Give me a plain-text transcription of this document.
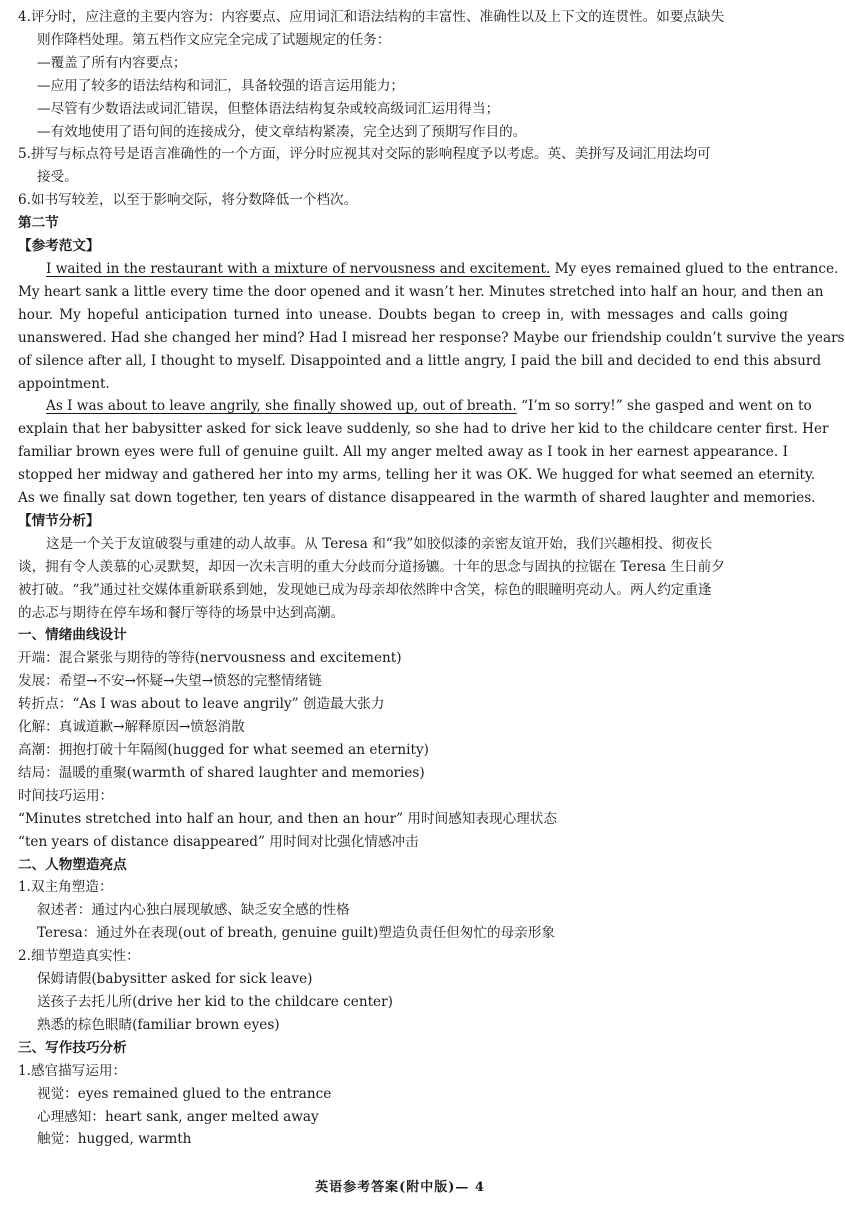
4.评分时，应注意的主要内容为：内容要点、应用词汇和语法结构的丰富性、准确性以及上下文的连贯性。如要点缺失
则作降档处理。第五档作文应完全完成了试题规定的任务：
—覆盖了所有内容要点；
—应用了较多的语法结构和词汇，具备较强的语言运用能力；
—尽管有少数语法或词汇错误，但整体语法结构复杂或较高级词汇运用得当；
—有效地使用了语句间的连接成分，使文章结构紧凑，完全达到了预期写作目的。
5.拼写与标点符号是语言准确性的一个方面，评分时应视其对交际的影响程度予以考虑。英、美拼写及词汇用法均可
接受。
6.如书写较差，以至于影响交际，将分数降低一个档次。
第二节
【参考范文】
I waited in the restaurant with a mixture of nervousness and excitement. My eyes remained glued to the entrance.
My heart sank a little every time the door opened and it wasn’t her. Minutes stretched into half an hour, and then an
hour. My hopeful anticipation turned into unease. Doubts began to creep in, with messages and calls going
unanswered. Had she changed her mind? Had I misread her response? Maybe our friendship couldn’t survive the years
of silence after all, I thought to myself. Disappointed and a little angry, I paid the bill and decided to end this absurd
appointment.
As I was about to leave angrily, she finally showed up, out of breath. “I’m so sorry!” she gasped and went on to
explain that her babysitter asked for sick leave suddenly, so she had to drive her kid to the childcare center first. Her
familiar brown eyes were full of genuine guilt. All my anger melted away as I took in her earnest appearance. I
stopped her midway and gathered her into my arms, telling her it was OK. We hugged for what seemed an eternity.
As we finally sat down together, ten years of distance disappeared in the warmth of shared laughter and memories.
【情节分析】
这是一个关于友谊破裂与重建的动人故事。从 Teresa 和“我”如胶似漆的亲密友谊开始，我们兴趣相投、彻夜长
谈，拥有令人羡慕的心灵默契，却因一次未言明的重大分歧而分道扬镳。十年的思念与固执的拉锯在 Teresa 生日前夕
被打破。“我”通过社交媒体重新联系到她，发现她已成为母亲却依然眸中含笑，棕色的眼瞳明亮动人。两人约定重逢
的忐忑与期待在停车场和餐厅等待的场景中达到高潮。
一、情绪曲线设计
开端：混合紧张与期待的等待(nervousness and excitement)
发展：希望→不安→怀疑→失望→愤怒的完整情绪链
转折点：“As I was about to leave angrily” 创造最大张力
化解：真诚道歉→解释原因→愤怒消散
高潮：拥抱打破十年隔阂(hugged for what seemed an eternity)
结局：温暖的重聚(warmth of shared laughter and memories)
时间技巧运用：
“Minutes stretched into half an hour, and then an hour” 用时间感知表现心理状态
“ten years of distance disappeared” 用时间对比强化情感冲击
二、人物塑造亮点
1.双主角塑造：
叙述者：通过内心独白展现敏感、缺乏安全感的性格
Teresa：通过外在表现(out of breath, genuine guilt)塑造负责任但匆忙的母亲形象
2.细节塑造真实性：
保姆请假(babysitter asked for sick leave)
送孩子去托儿所(drive her kid to the childcare center)
熟悉的棕色眼睛(familiar brown eyes)
三、写作技巧分析
1.感官描写运用：
视觉：eyes remained glued to the entrance
心理感知：heart sank, anger melted away
触觉：hugged, warmth
英语参考答案(附中版)— 4
